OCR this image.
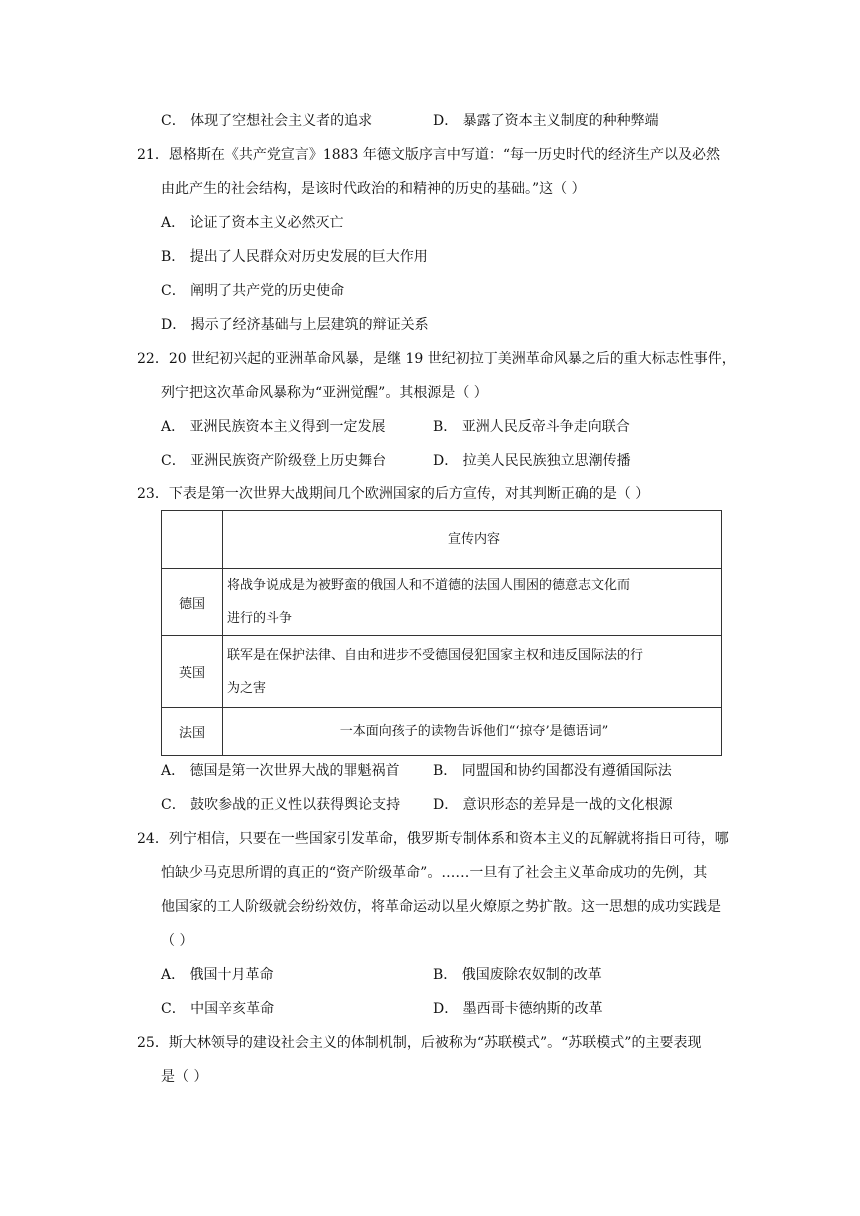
C． 体现了空想社会主义者的追求	D． 暴露了资本主义制度的种种弊端
21．恩格斯在《共产党宣言》1883 年德文版序言中写道：“每一历史时代的经济生产以及必然
由此产生的社会结构，是该时代政治的和精神的历史的基础。”这（ ）
A． 论证了资本主义必然灭亡
B． 提出了人民群众对历史发展的巨大作用
C． 阐明了共产党的历史使命
D． 揭示了经济基础与上层建筑的辩证关系
22．20 世纪初兴起的亚洲革命风暴，是继 19 世纪初拉丁美洲革命风暴之后的重大标志性事件，
列宁把这次革命风暴称为“亚洲觉醒”。其根源是（ ）
A． 亚洲民族资本主义得到一定发展	B． 亚洲人民反帝斗争走向联合
C． 亚洲民族资产阶级登上历史舞台	D． 拉美人民民族独立思潮传播
23．下表是第一次世界大战期间几个欧洲国家的后方宣传，对其判断正确的是（ ）
	宣传内容
德国	将战争说成是为被野蛮的俄国人和不道德的法国人围困的德意志文化而
进行的斗争

英国	联军是在保护法律、自由和进步不受德国侵犯国家主权和违反国际法的行
为之害

法国	一本面向孩子的读物告诉他们“‘掠夺’是德语词”
A． 德国是第一次世界大战的罪魁祸首 B． 同盟国和协约国都没有遵循国际法
C． 鼓吹参战的正义性以获得舆论支持 D． 意识形态的差异是一战的文化根源
24．列宁相信，只要在一些国家引发革命，俄罗斯专制体系和资本主义的瓦解就将指日可待，哪
怕缺少马克思所谓的真正的“资产阶级革命”。……一旦有了社会主义革命成功的先例，其
他国家的工人阶级就会纷纷效仿，将革命运动以星火燎原之势扩散。这一思想的成功实践是
（ ）
A． 俄国十月革命	B． 俄国废除农奴制的改革
C． 中国辛亥革命	D． 墨西哥卡德纳斯的改革
25．斯大林领导的建设社会主义的体制机制，后被称为“苏联模式”。“苏联模式”的主要表现
是（ ）
